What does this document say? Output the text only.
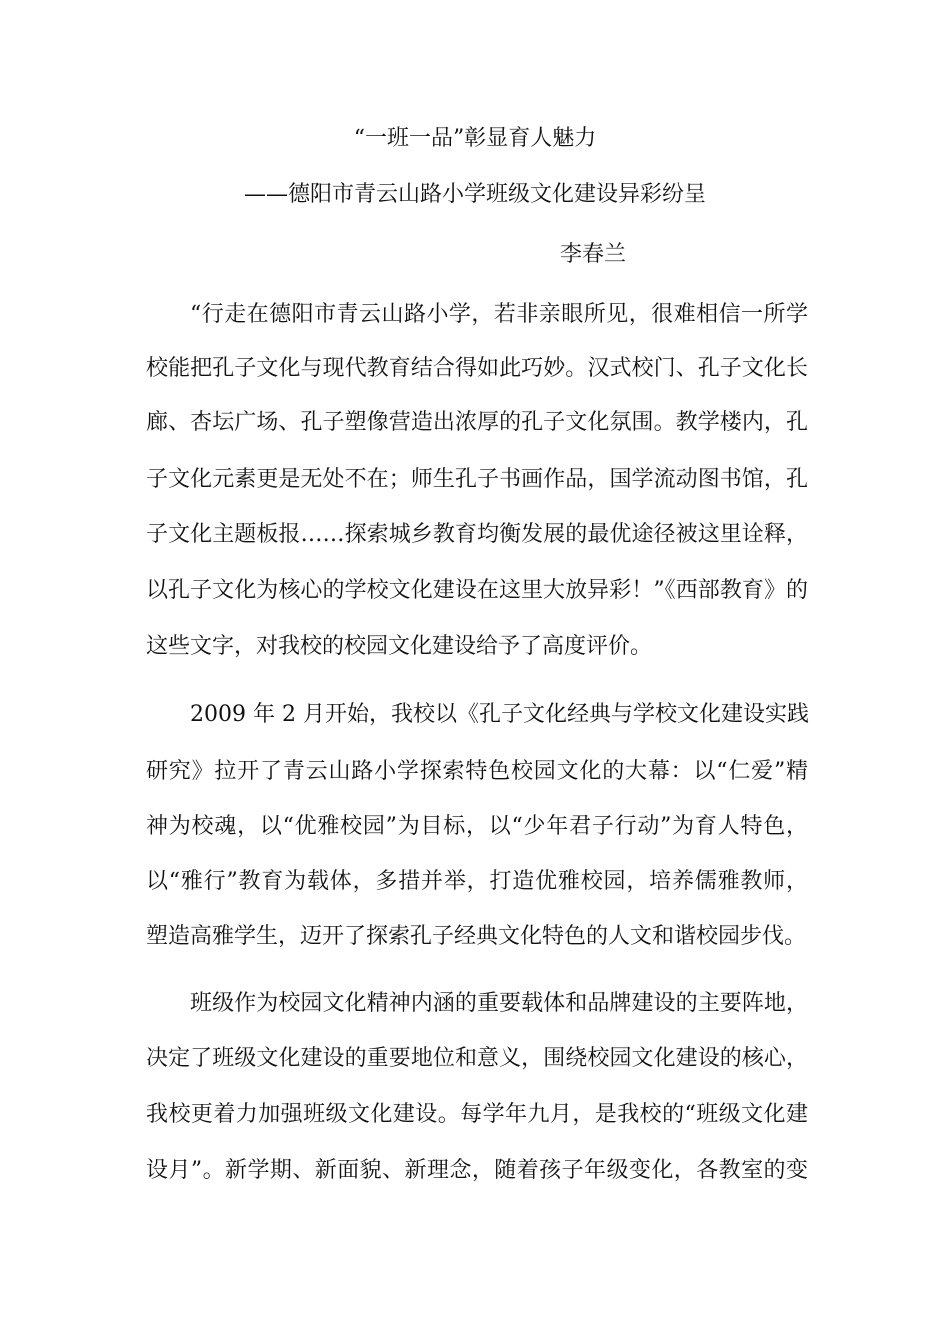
“一班一品”彰显育人魅力
——德阳市青云山路小学班级文化建设异彩纷呈
李春兰
“行走在德阳市青云山路小学，若非亲眼所见，很难相信一所学
校能把孔子文化与现代教育结合得如此巧妙。汉式校门、孔子文化长
廊、杏坛广场、孔子塑像营造出浓厚的孔子文化氛围。教学楼内，孔
子文化元素更是无处不在；师生孔子书画作品，国学流动图书馆，孔
子文化主题板报……探索城乡教育均衡发展的最优途径被这里诠释，
以孔子文化为核心的学校文化建设在这里大放异彩！”《西部教育》的
这些文字，对我校的校园文化建设给予了高度评价。
2009 年 2 月开始，我校以《孔子文化经典与学校文化建设实践
研究》拉开了青云山路小学探索特色校园文化的大幕：以“仁爱”精
神为校魂，以“优雅校园”为目标，以“少年君子行动”为育人特色，
以“雅行”教育为载体，多措并举，打造优雅校园，培养儒雅教师，
塑造高雅学生，迈开了探索孔子经典文化特色的人文和谐校园步伐。
班级作为校园文化精神内涵的重要载体和品牌建设的主要阵地，
决定了班级文化建设的重要地位和意义，围绕校园文化建设的核心，
我校更着力加强班级文化建设。每学年九月，是我校的“班级文化建
设月”。新学期、新面貌、新理念，随着孩子年级变化，各教室的变
